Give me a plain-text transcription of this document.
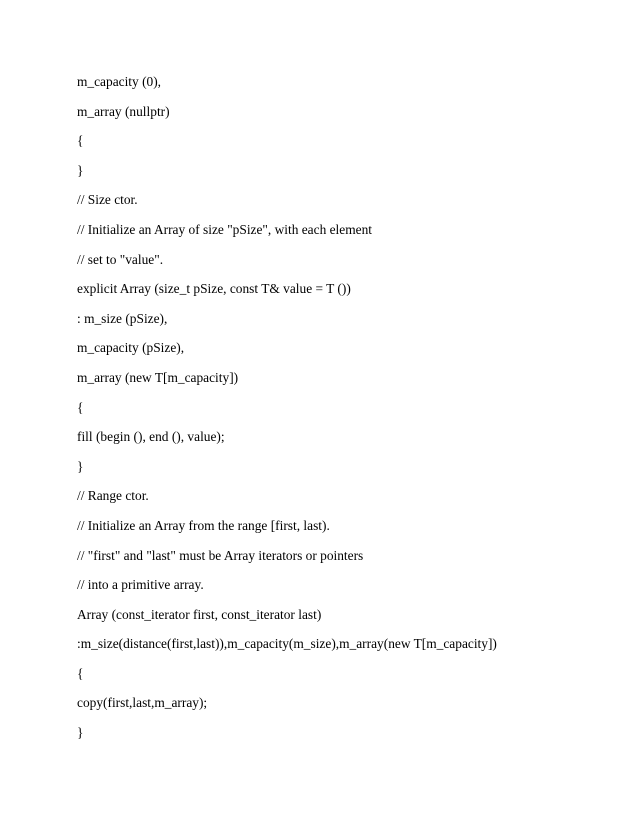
m_capacity (0),
m_array (nullptr)
{
}
// Size ctor.
// Initialize an Array of size "pSize", with each element
// set to "value".
explicit Array (size_t pSize, const T& value = T ())
: m_size (pSize),
m_capacity (pSize),
m_array (new T[m_capacity])
{
fill (begin (), end (), value);
}
// Range ctor.
// Initialize an Array from the range [first, last).
// "first" and "last" must be Array iterators or pointers
// into a primitive array.
Array (const_iterator first, const_iterator last)
:m_size(distance(first,last)),m_capacity(m_size),m_array(new T[m_capacity])
{
copy(first,last,m_array);
}
